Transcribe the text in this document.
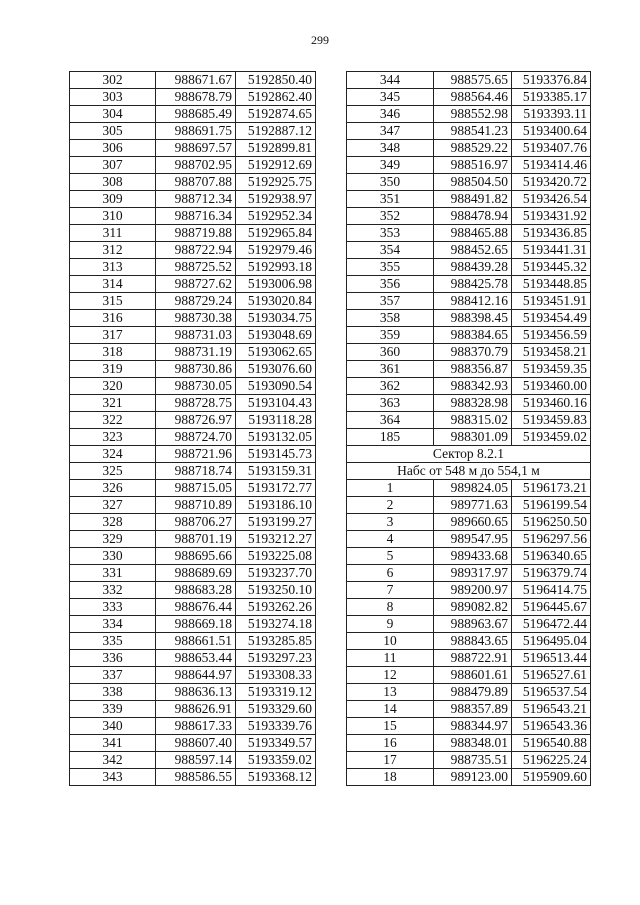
299
302	988671.67	5192850.40
303	988678.79	5192862.40
304	988685.49	5192874.65
305	988691.75	5192887.12
306	988697.57	5192899.81
307	988702.95	5192912.69
308	988707.88	5192925.75
309	988712.34	5192938.97
310	988716.34	5192952.34
311	988719.88	5192965.84
312	988722.94	5192979.46
313	988725.52	5192993.18
314	988727.62	5193006.98
315	988729.24	5193020.84
316	988730.38	5193034.75
317	988731.03	5193048.69
318	988731.19	5193062.65
319	988730.86	5193076.60
320	988730.05	5193090.54
321	988728.75	5193104.43
322	988726.97	5193118.28
323	988724.70	5193132.05
324	988721.96	5193145.73
325	988718.74	5193159.31
326	988715.05	5193172.77
327	988710.89	5193186.10
328	988706.27	5193199.27
329	988701.19	5193212.27
330	988695.66	5193225.08
331	988689.69	5193237.70
332	988683.28	5193250.10
333	988676.44	5193262.26
334	988669.18	5193274.18
335	988661.51	5193285.85
336	988653.44	5193297.23
337	988644.97	5193308.33
338	988636.13	5193319.12
339	988626.91	5193329.60
340	988617.33	5193339.76
341	988607.40	5193349.57
342	988597.14	5193359.02
343	988586.55	5193368.12
344	988575.65	5193376.84
345	988564.46	5193385.17
346	988552.98	5193393.11
347	988541.23	5193400.64
348	988529.22	5193407.76
349	988516.97	5193414.46
350	988504.50	5193420.72
351	988491.82	5193426.54
352	988478.94	5193431.92
353	988465.88	5193436.85
354	988452.65	5193441.31
355	988439.28	5193445.32
356	988425.78	5193448.85
357	988412.16	5193451.91
358	988398.45	5193454.49
359	988384.65	5193456.59
360	988370.79	5193458.21
361	988356.87	5193459.35
362	988342.93	5193460.00
363	988328.98	5193460.16
364	988315.02	5193459.83
185	988301.09	5193459.02
Сектор 8.2.1		
Набс от 548 м до 554,1 м		
1	989824.05	5196173.21
2	989771.63	5196199.54
3	989660.65	5196250.50
4	989547.95	5196297.56
5	989433.68	5196340.65
6	989317.97	5196379.74
7	989200.97	5196414.75
8	989082.82	5196445.67
9	988963.67	5196472.44
10	988843.65	5196495.04
11	988722.91	5196513.44
12	988601.61	5196527.61
13	988479.89	5196537.54
14	988357.89	5196543.21
15	988344.97	5196543.36
16	988348.01	5196540.88
17	988735.51	5196225.24
18	989123.00	5195909.60
